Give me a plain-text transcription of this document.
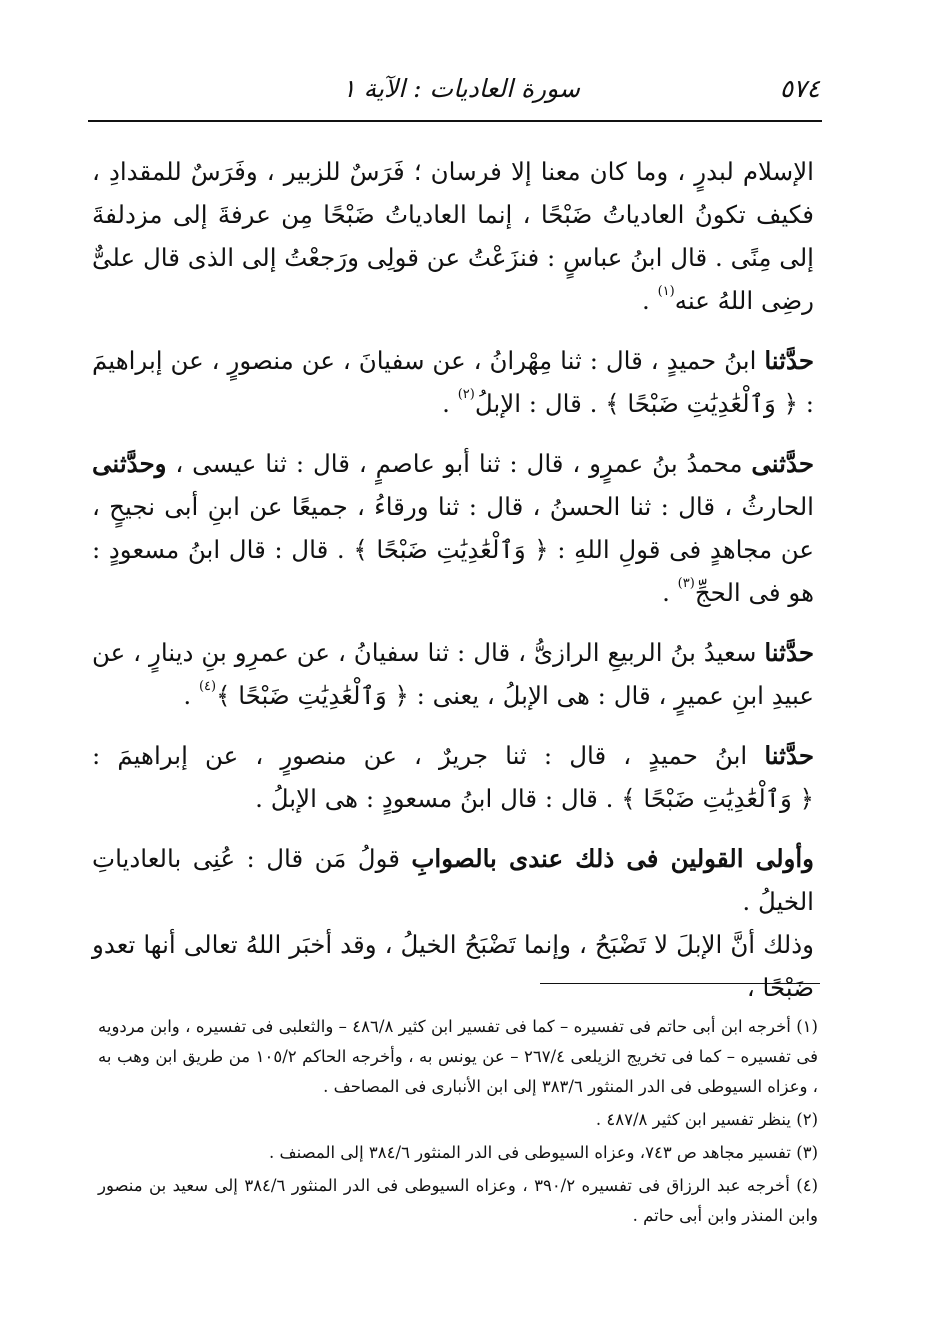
٥٧٤
سورة العاديات : الآية ١

الإسلام لبدرٍ ، وما كان معنا إلا فرسان ؛ فَرَسٌ للزبير ، وفَرَسٌ للمقدادِ ، فكيف تكونُ العادياتُ ضَبْحًا ، إنما العادياتُ ضَبْحًا مِن عرفةَ إلى مزدلفةَ إلى مِنًى . قال ابنُ عباسٍ : فنزَعْتُ عن قولِى ورَجعْتُ إلى الذى قال علىٌّ رضِى اللهُ عنه$^{(١)}$ .

حدَّثنا ابنُ حميدٍ ، قال : ثنا مِهْرانُ ، عن سفيانَ ، عن منصورٍ ، عن إبراهيمَ : ﴿ وَٱلْعَٰدِيَٰتِ ضَبْحًا ﴾ . قال : الإبلُ$^{(٢)}$ .

حدَّثنى محمدُ بنُ عمرٍو ، قال : ثنا أبو عاصمٍ ، قال : ثنا عيسى ، وحدَّثنى الحارثُ ، قال : ثنا الحسنُ ، قال : ثنا ورقاءُ ، جميعًا عن ابنِ أبى نجيحٍ ، عن مجاهدٍ فى قولِ اللهِ : ﴿ وَٱلْعَٰدِيَٰتِ ضَبْحًا ﴾ . قال : قال ابنُ مسعودٍ : هو فى الحجِّ$^{(٣)}$ .

حدَّثنا سعيدُ بنُ الربيعِ الرازىُّ ، قال : ثنا سفيانُ ، عن عمرِو بنِ دينارٍ ، عن عبيدِ ابنِ عميرٍ ، قال : هى الإبلُ ، يعنى : ﴿ وَٱلْعَٰدِيَٰتِ ضَبْحًا ﴾$^{(٤)}$ .

حدَّثنا ابنُ حميدٍ ، قال : ثنا جريرٌ ، عن منصورٍ ، عن إبراهيمَ : ﴿ وَٱلْعَٰدِيَٰتِ ضَبْحًا ﴾ . قال : قال ابنُ مسعودٍ : هى الإبلُ .

وأولى القولين فى ذلك عندى بالصوابِ قولُ مَن قال : عُنِى بالعادياتِ الخيلُ .
وذلك أنَّ الإبلَ لا تَضْبَحُ ، وإنما تَضْبَحُ الخيلُ ، وقد أخبَر اللهُ تعالى أنها تعدو ضَبْحًا ،

(١) أخرجه ابن أبى حاتم فى تفسيره – كما فى تفسير ابن كثير ٤٨٦/٨ – والثعلبى فى تفسيره ، وابن مردويه فى تفسيره – كما فى تخريج الزيلعى ٢٦٧/٤ – عن يونس به ، وأخرجه الحاكم ١٠٥/٢ من طريق ابن وهب به ، وعزاه السيوطى فى الدر المنثور ٣٨٣/٦ إلى ابن الأنبارى فى المصاحف .

(٢) ينظر تفسير ابن كثير ٤٨٧/٨ .

(٣) تفسير مجاهد ص ٧٤٣، وعزاه السيوطى فى الدر المنثور ٣٨٤/٦ إلى المصنف .

(٤) أخرجه عبد الرزاق فى تفسيره ٣٩٠/٢ ، وعزاه السيوطى فى الدر المنثور ٣٨٤/٦ إلى سعيد بن منصور وابن المنذر وابن أبى حاتم .
